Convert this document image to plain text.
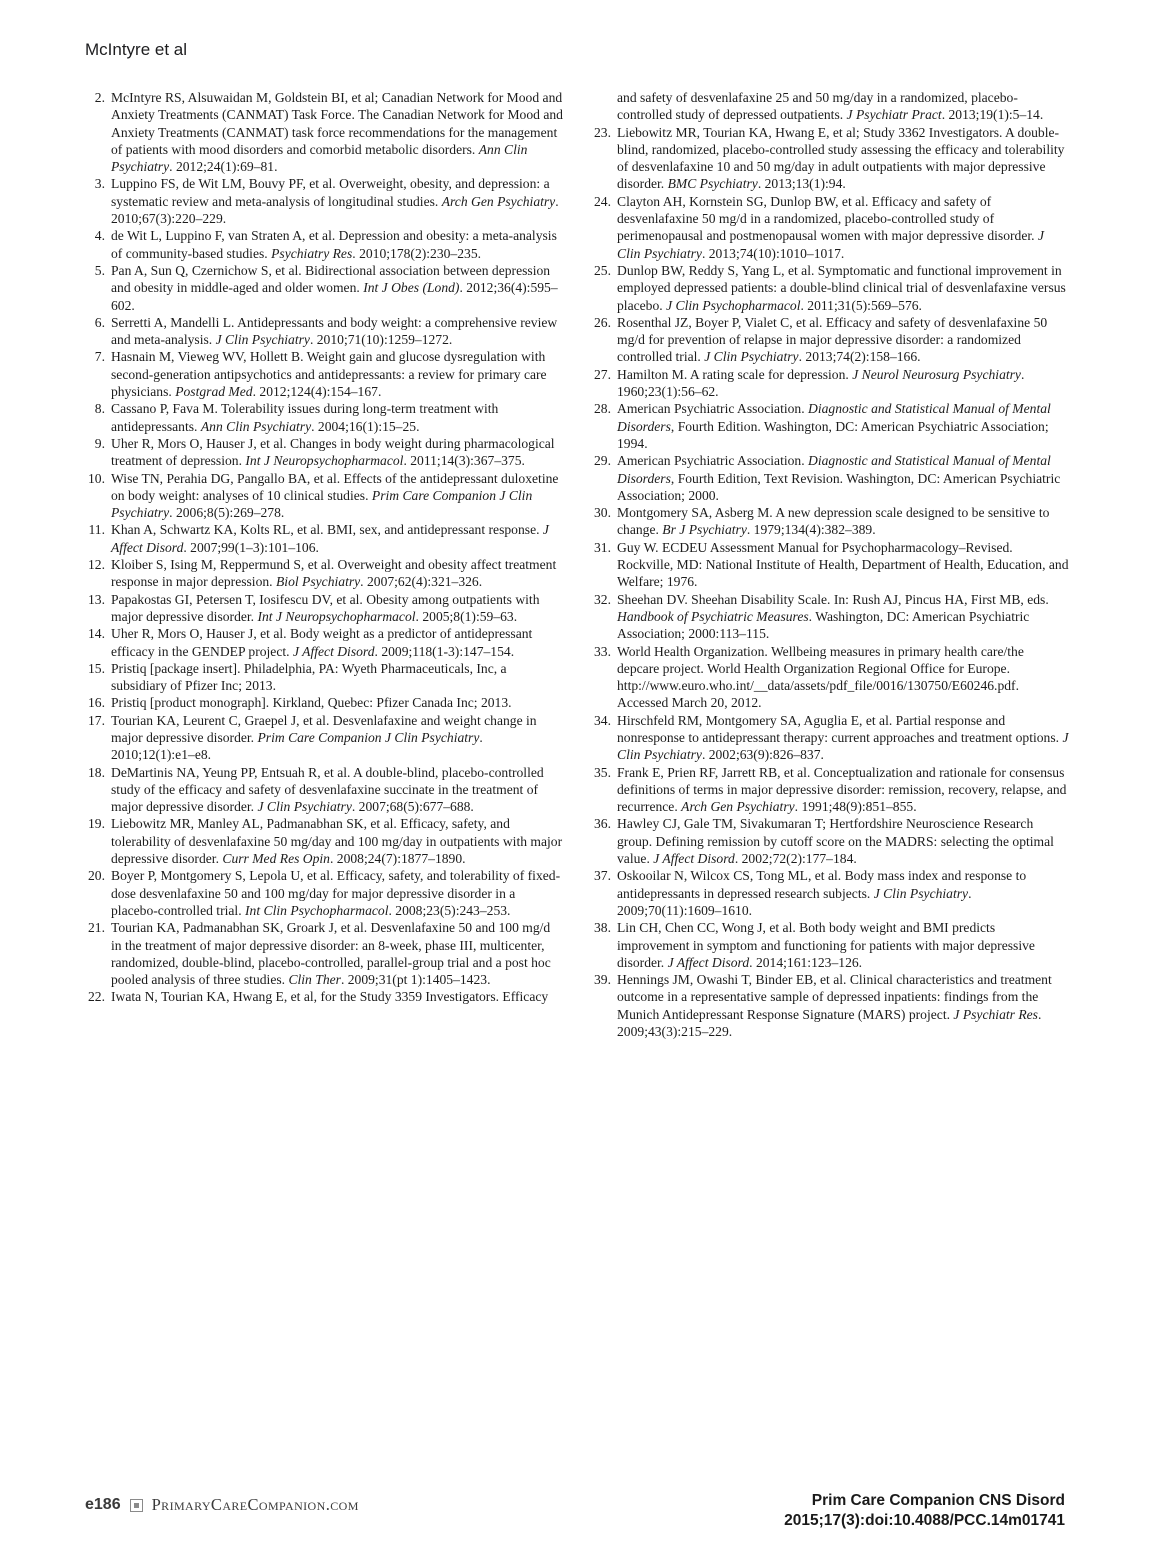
McIntyre et al
2. McIntyre RS, Alsuwaidan M, Goldstein BI, et al; Canadian Network for Mood and Anxiety Treatments (CANMAT) Task Force. The Canadian Network for Mood and Anxiety Treatments (CANMAT) task force recommendations for the management of patients with mood disorders and comorbid metabolic disorders. Ann Clin Psychiatry. 2012;24(1):69–81.
3. Luppino FS, de Wit LM, Bouvy PF, et al. Overweight, obesity, and depression: a systematic review and meta-analysis of longitudinal studies. Arch Gen Psychiatry. 2010;67(3):220–229.
4. de Wit L, Luppino F, van Straten A, et al. Depression and obesity: a meta-analysis of community-based studies. Psychiatry Res. 2010;178(2):230–235.
5. Pan A, Sun Q, Czernichow S, et al. Bidirectional association between depression and obesity in middle-aged and older women. Int J Obes (Lond). 2012;36(4):595–602.
6. Serretti A, Mandelli L. Antidepressants and body weight: a comprehensive review and meta-analysis. J Clin Psychiatry. 2010;71(10):1259–1272.
7. Hasnain M, Vieweg WV, Hollett B. Weight gain and glucose dysregulation with second-generation antipsychotics and antidepressants: a review for primary care physicians. Postgrad Med. 2012;124(4):154–167.
8. Cassano P, Fava M. Tolerability issues during long-term treatment with antidepressants. Ann Clin Psychiatry. 2004;16(1):15–25.
9. Uher R, Mors O, Hauser J, et al. Changes in body weight during pharmacological treatment of depression. Int J Neuropsychopharmacol. 2011;14(3):367–375.
10. Wise TN, Perahia DG, Pangallo BA, et al. Effects of the antidepressant duloxetine on body weight: analyses of 10 clinical studies. Prim Care Companion J Clin Psychiatry. 2006;8(5):269–278.
11. Khan A, Schwartz KA, Kolts RL, et al. BMI, sex, and antidepressant response. J Affect Disord. 2007;99(1–3):101–106.
12. Kloiber S, Ising M, Reppermund S, et al. Overweight and obesity affect treatment response in major depression. Biol Psychiatry. 2007;62(4):321–326.
13. Papakostas GI, Petersen T, Iosifescu DV, et al. Obesity among outpatients with major depressive disorder. Int J Neuropsychopharmacol. 2005;8(1):59–63.
14. Uher R, Mors O, Hauser J, et al. Body weight as a predictor of antidepressant efficacy in the GENDEP project. J Affect Disord. 2009;118(1-3):147–154.
15. Pristiq [package insert]. Philadelphia, PA: Wyeth Pharmaceuticals, Inc, a subsidiary of Pfizer Inc; 2013.
16. Pristiq [product monograph]. Kirkland, Quebec: Pfizer Canada Inc; 2013.
17. Tourian KA, Leurent C, Graepel J, et al. Desvenlafaxine and weight change in major depressive disorder. Prim Care Companion J Clin Psychiatry. 2010;12(1):e1–e8.
18. DeMartinis NA, Yeung PP, Entsuah R, et al. A double-blind, placebo-controlled study of the efficacy and safety of desvenlafaxine succinate in the treatment of major depressive disorder. J Clin Psychiatry. 2007;68(5):677–688.
19. Liebowitz MR, Manley AL, Padmanabhan SK, et al. Efficacy, safety, and tolerability of desvenlafaxine 50 mg/day and 100 mg/day in outpatients with major depressive disorder. Curr Med Res Opin. 2008;24(7):1877–1890.
20. Boyer P, Montgomery S, Lepola U, et al. Efficacy, safety, and tolerability of fixed-dose desvenlafaxine 50 and 100 mg/day for major depressive disorder in a placebo-controlled trial. Int Clin Psychopharmacol. 2008;23(5):243–253.
21. Tourian KA, Padmanabhan SK, Groark J, et al. Desvenlafaxine 50 and 100 mg/d in the treatment of major depressive disorder: an 8-week, phase III, multicenter, randomized, double-blind, placebo-controlled, parallel-group trial and a post hoc pooled analysis of three studies. Clin Ther. 2009;31(pt 1):1405–1423.
22. Iwata N, Tourian KA, Hwang E, et al, for the Study 3359 Investigators. Efficacy
and safety of desvenlafaxine 25 and 50 mg/day in a randomized, placebo-controlled study of depressed outpatients. J Psychiatr Pract. 2013;19(1):5–14.
23. Liebowitz MR, Tourian KA, Hwang E, et al; Study 3362 Investigators. A double-blind, randomized, placebo-controlled study assessing the efficacy and tolerability of desvenlafaxine 10 and 50 mg/day in adult outpatients with major depressive disorder. BMC Psychiatry. 2013;13(1):94.
24. Clayton AH, Kornstein SG, Dunlop BW, et al. Efficacy and safety of desvenlafaxine 50 mg/d in a randomized, placebo-controlled study of perimenopausal and postmenopausal women with major depressive disorder. J Clin Psychiatry. 2013;74(10):1010–1017.
25. Dunlop BW, Reddy S, Yang L, et al. Symptomatic and functional improvement in employed depressed patients: a double-blind clinical trial of desvenlafaxine versus placebo. J Clin Psychopharmacol. 2011;31(5):569–576.
26. Rosenthal JZ, Boyer P, Vialet C, et al. Efficacy and safety of desvenlafaxine 50 mg/d for prevention of relapse in major depressive disorder: a randomized controlled trial. J Clin Psychiatry. 2013;74(2):158–166.
27. Hamilton M. A rating scale for depression. J Neurol Neurosurg Psychiatry. 1960;23(1):56–62.
28. American Psychiatric Association. Diagnostic and Statistical Manual of Mental Disorders, Fourth Edition. Washington, DC: American Psychiatric Association; 1994.
29. American Psychiatric Association. Diagnostic and Statistical Manual of Mental Disorders, Fourth Edition, Text Revision. Washington, DC: American Psychiatric Association; 2000.
30. Montgomery SA, Asberg M. A new depression scale designed to be sensitive to change. Br J Psychiatry. 1979;134(4):382–389.
31. Guy W. ECDEU Assessment Manual for Psychopharmacology–Revised. Rockville, MD: National Institute of Health, Department of Health, Education, and Welfare; 1976.
32. Sheehan DV. Sheehan Disability Scale. In: Rush AJ, Pincus HA, First MB, eds. Handbook of Psychiatric Measures. Washington, DC: American Psychiatric Association; 2000:113–115.
33. World Health Organization. Wellbeing measures in primary health care/the depcare project. World Health Organization Regional Office for Europe. http://www.euro.who.int/__data/assets/pdf_file/0016/130750/E60246.pdf. Accessed March 20, 2012.
34. Hirschfeld RM, Montgomery SA, Aguglia E, et al. Partial response and nonresponse to antidepressant therapy: current approaches and treatment options. J Clin Psychiatry. 2002;63(9):826–837.
35. Frank E, Prien RF, Jarrett RB, et al. Conceptualization and rationale for consensus definitions of terms in major depressive disorder: remission, recovery, relapse, and recurrence. Arch Gen Psychiatry. 1991;48(9):851–855.
36. Hawley CJ, Gale TM, Sivakumaran T; Hertfordshire Neuroscience Research group. Defining remission by cutoff score on the MADRS: selecting the optimal value. J Affect Disord. 2002;72(2):177–184.
37. Oskooilar N, Wilcox CS, Tong ML, et al. Body mass index and response to antidepressants in depressed research subjects. J Clin Psychiatry. 2009;70(11):1609–1610.
38. Lin CH, Chen CC, Wong J, et al. Both body weight and BMI predicts improvement in symptom and functioning for patients with major depressive disorder. J Affect Disord. 2014;161:123–126.
39. Hennings JM, Owashi T, Binder EB, et al. Clinical characteristics and treatment outcome in a representative sample of depressed inpatients: findings from the Munich Antidepressant Response Signature (MARS) project. J Psychiatr Res. 2009;43(3):215–229.
e186 PrimaryCareCompanion.com	Prim Care Companion CNS Disord
2015;17(3):doi:10.4088/PCC.14m01741
